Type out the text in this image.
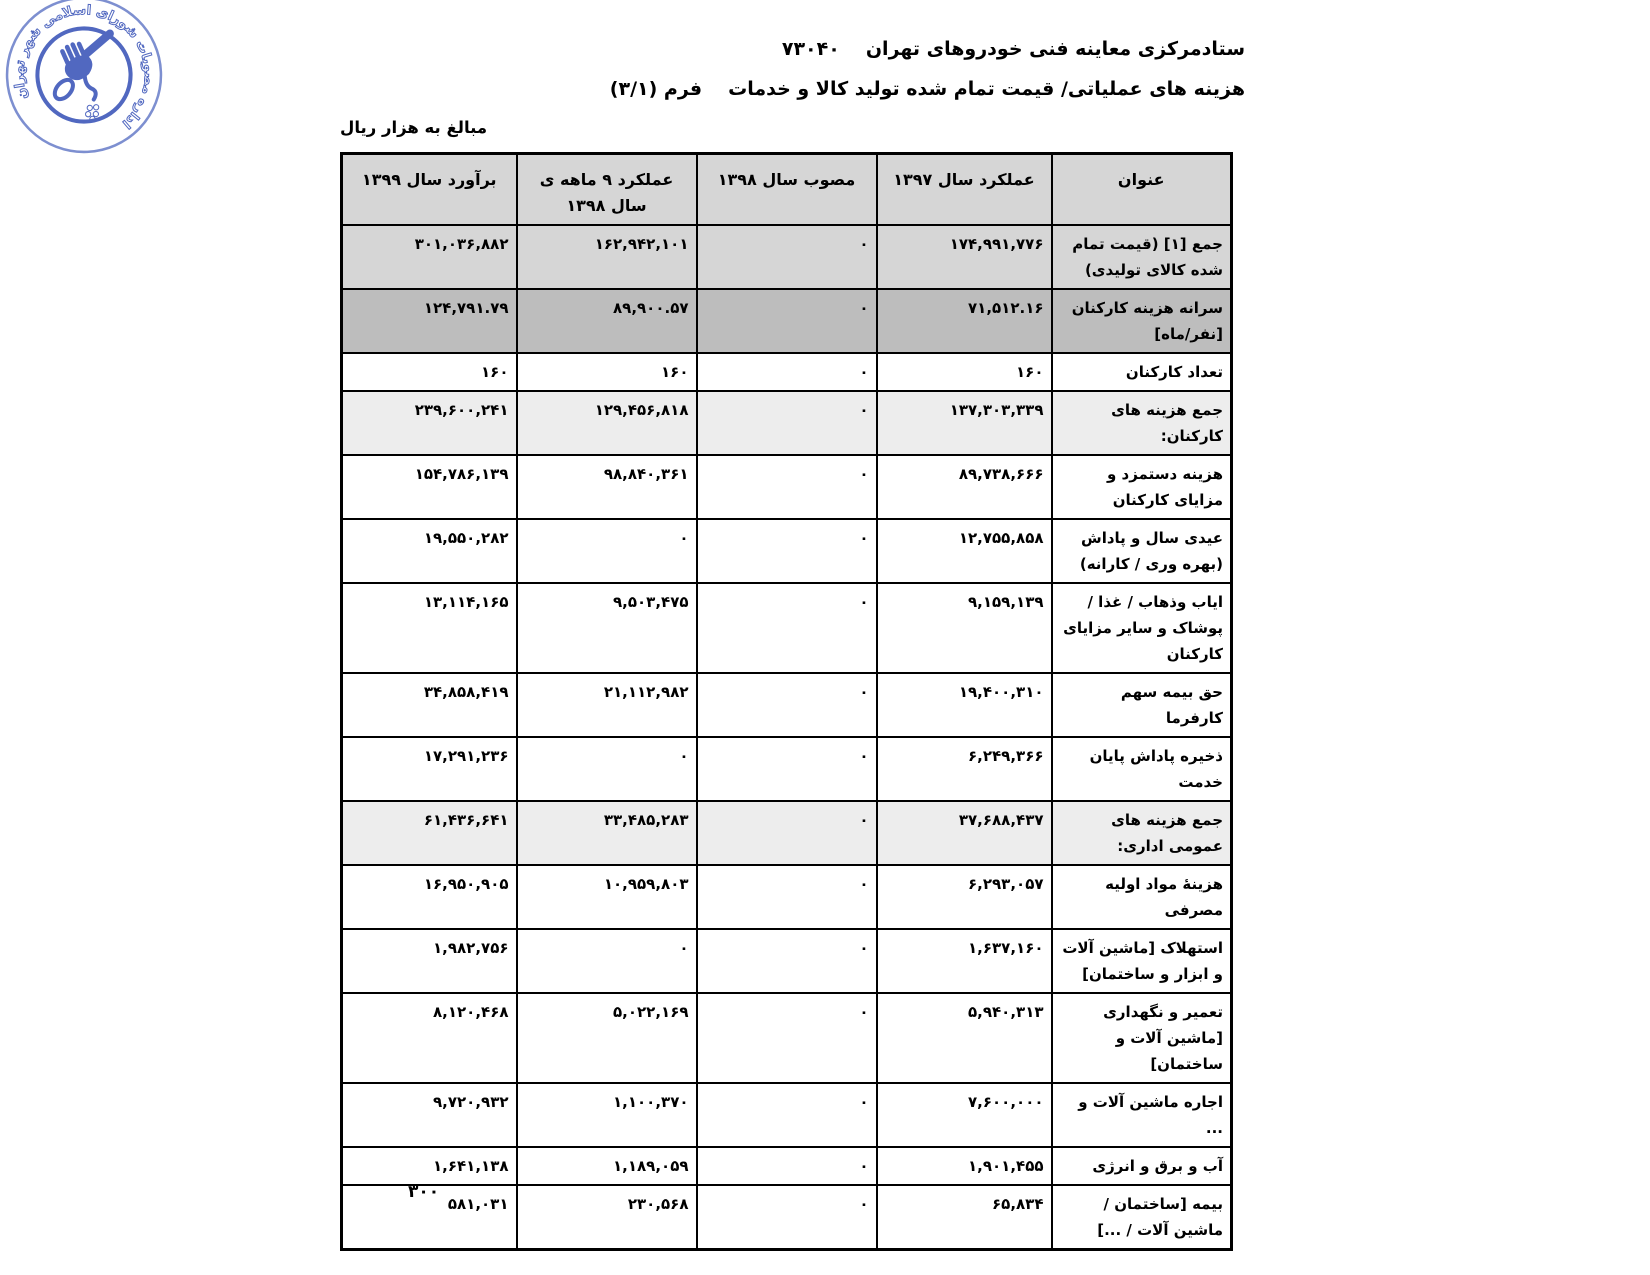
اداره مصوبات شورای اسلامی شهر تهران
ستادمرکزی معاینه فنی خودروهای تهران
۷۳۰۴۰
هزینه های عملیاتی/ قیمت تمام شده تولید کالا و خدمات
فرم (۳/۱)
مبالغ به هزار ریال
عنوان	عملکرد سال ۱۳۹۷	مصوب سال ۱۳۹۸	عملکرد ۹ ماهه ی سال ۱۳۹۸	برآورد سال ۱۳۹۹
جمع [۱] (قیمت تمام شده کالای تولیدی)	۱۷۴,۹۹۱,۷۷۶	۰	۱۶۲,۹۴۲,۱۰۱	۳۰۱,۰۳۶,۸۸۲
سرانه هزینه کارکنان [نفر/ماه]	۷۱,۵۱۲.۱۶	۰	۸۹,۹۰۰.۵۷	۱۲۴,۷۹۱.۷۹
تعداد کارکنان	۱۶۰	۰	۱۶۰	۱۶۰
جمع هزینه های کارکنان:	۱۳۷,۳۰۳,۳۳۹	۰	۱۲۹,۴۵۶,۸۱۸	۲۳۹,۶۰۰,۲۴۱
هزینه دستمزد و مزایای کارکنان	۸۹,۷۳۸,۶۶۶	۰	۹۸,۸۴۰,۳۶۱	۱۵۴,۷۸۶,۱۳۹
عیدی سال و پاداش (بهره وری / کارانه)	۱۲,۷۵۵,۸۵۸	۰	۰	۱۹,۵۵۰,۲۸۲
ایاب وذهاب / غذا / پوشاک و سایر مزایای کارکنان	۹,۱۵۹,۱۳۹	۰	۹,۵۰۳,۴۷۵	۱۳,۱۱۴,۱۶۵
حق بیمه سهم کارفرما	۱۹,۴۰۰,۳۱۰	۰	۲۱,۱۱۲,۹۸۲	۳۴,۸۵۸,۴۱۹
ذخیره پاداش پایان خدمت	۶,۲۴۹,۳۶۶	۰	۰	۱۷,۲۹۱,۲۳۶
جمع هزینه های عمومی اداری:	۳۷,۶۸۸,۴۳۷	۰	۳۳,۴۸۵,۲۸۳	۶۱,۴۳۶,۶۴۱
هزینهٔ مواد اولیه مصرفی	۶,۲۹۳,۰۵۷	۰	۱۰,۹۵۹,۸۰۳	۱۶,۹۵۰,۹۰۵
استهلاک [ماشین آلات و ابزار و ساختمان]	۱,۶۳۷,۱۶۰	۰	۰	۱,۹۸۲,۷۵۶
تعمیر و نگهداری [ماشین آلات و ساختمان]	۵,۹۴۰,۳۱۳	۰	۵,۰۲۲,۱۶۹	۸,۱۲۰,۴۶۸
اجاره ماشین آلات و ...	۷,۶۰۰,۰۰۰	۰	۱,۱۰۰,۳۷۰	۹,۷۲۰,۹۳۲
آب و برق و انرژی	۱,۹۰۱,۴۵۵	۰	۱,۱۸۹,۰۵۹	۱,۶۴۱,۱۳۸
بیمه [ساختمان / ماشین آلات / ...]	۶۵,۸۳۴	۰	۲۳۰,۵۶۸	۵۸۱,۰۳۱
۳۰۰
